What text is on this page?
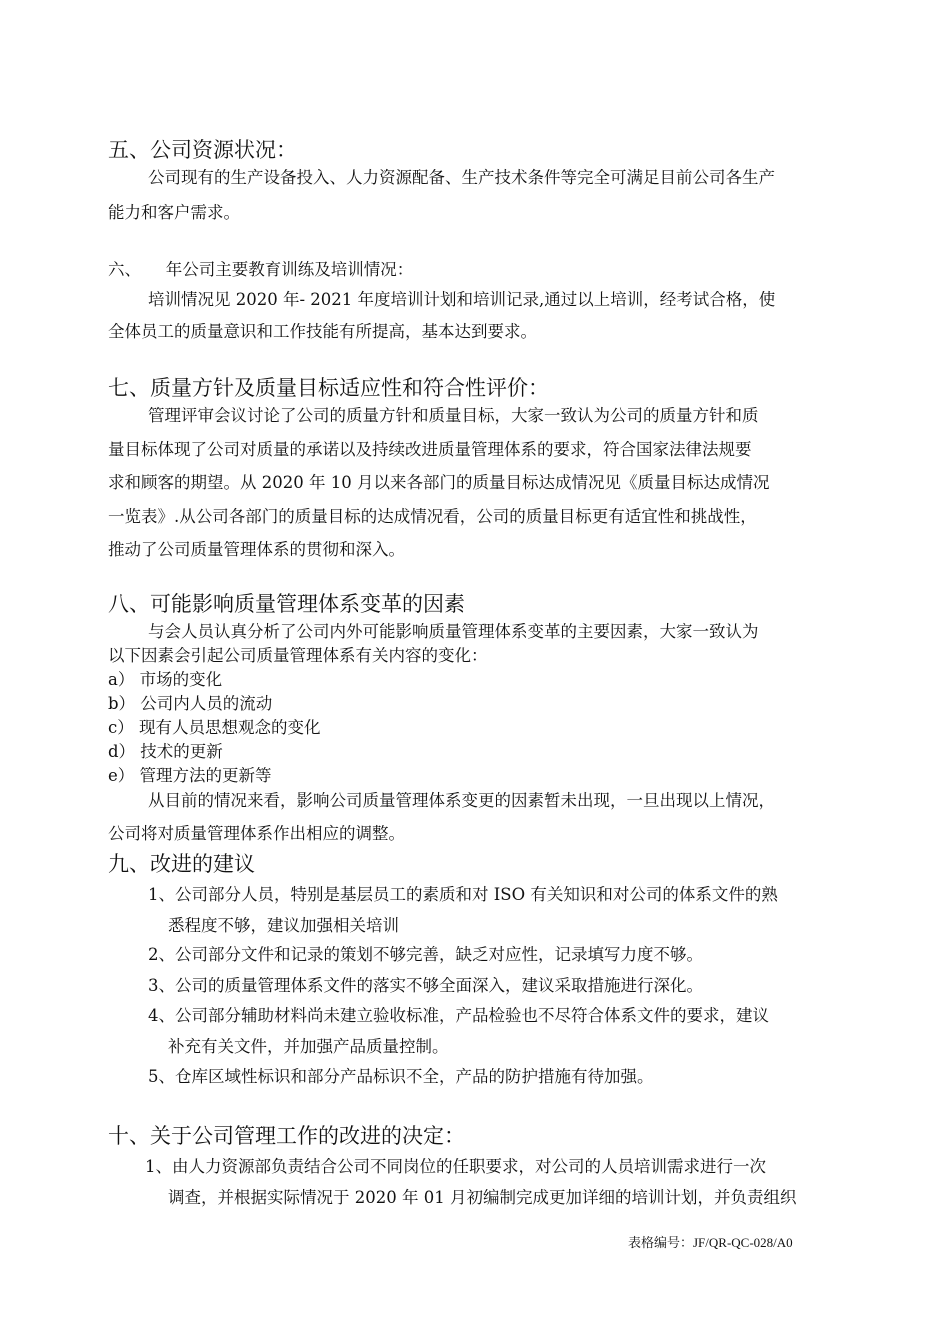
五、公司资源状况：
公司现有的生产设备投入、人力资源配备、生产技术条件等完全可满足目前公司各生产
能力和客户需求。
六、　　年公司主要教育训练及培训情况：
培训情况见 2020 年- 2021 年度培训计划和培训记录,通过以上培训，经考试合格，使
全体员工的质量意识和工作技能有所提高，基本达到要求。
七、质量方针及质量目标适应性和符合性评价：
管理评审会议讨论了公司的质量方针和质量目标，大家一致认为公司的质量方针和质
量目标体现了公司对质量的承诺以及持续改进质量管理体系的要求，符合国家法律法规要
求和顾客的期望。从 2020 年 10 月以来各部门的质量目标达成情况见《质量目标达成情况
一览表》.从公司各部门的质量目标的达成情况看，公司的质量目标更有适宜性和挑战性，
推动了公司质量管理体系的贯彻和深入。
八、可能影响质量管理体系变革的因素
与会人员认真分析了公司内外可能影响质量管理体系变革的主要因素，大家一致认为
以下因素会引起公司质量管理体系有关内容的变化：
a） 市场的变化
b） 公司内人员的流动
c） 现有人员思想观念的变化
d） 技术的更新
e） 管理方法的更新等
从目前的情况来看，影响公司质量管理体系变更的因素暂未出现，一旦出现以上情况，
公司将对质量管理体系作出相应的调整。
九、改进的建议
1、公司部分人员，特别是基层员工的素质和对 ISO 有关知识和对公司的体系文件的熟
悉程度不够，建议加强相关培训
2、公司部分文件和记录的策划不够完善，缺乏对应性，记录填写力度不够。
3、公司的质量管理体系文件的落实不够全面深入，建议采取措施进行深化。
4、公司部分辅助材料尚未建立验收标准，产品检验也不尽符合体系文件的要求，建议
补充有关文件，并加强产品质量控制。
5、仓库区域性标识和部分产品标识不全，产品的防护措施有待加强。
十、关于公司管理工作的改进的决定：
1、由人力资源部负责结合公司不同岗位的任职要求，对公司的人员培训需求进行一次
调查，并根据实际情况于 2020 年 01 月初编制完成更加详细的培训计划，并负责组织
表格编号：JF/QR-QC-028/A0
